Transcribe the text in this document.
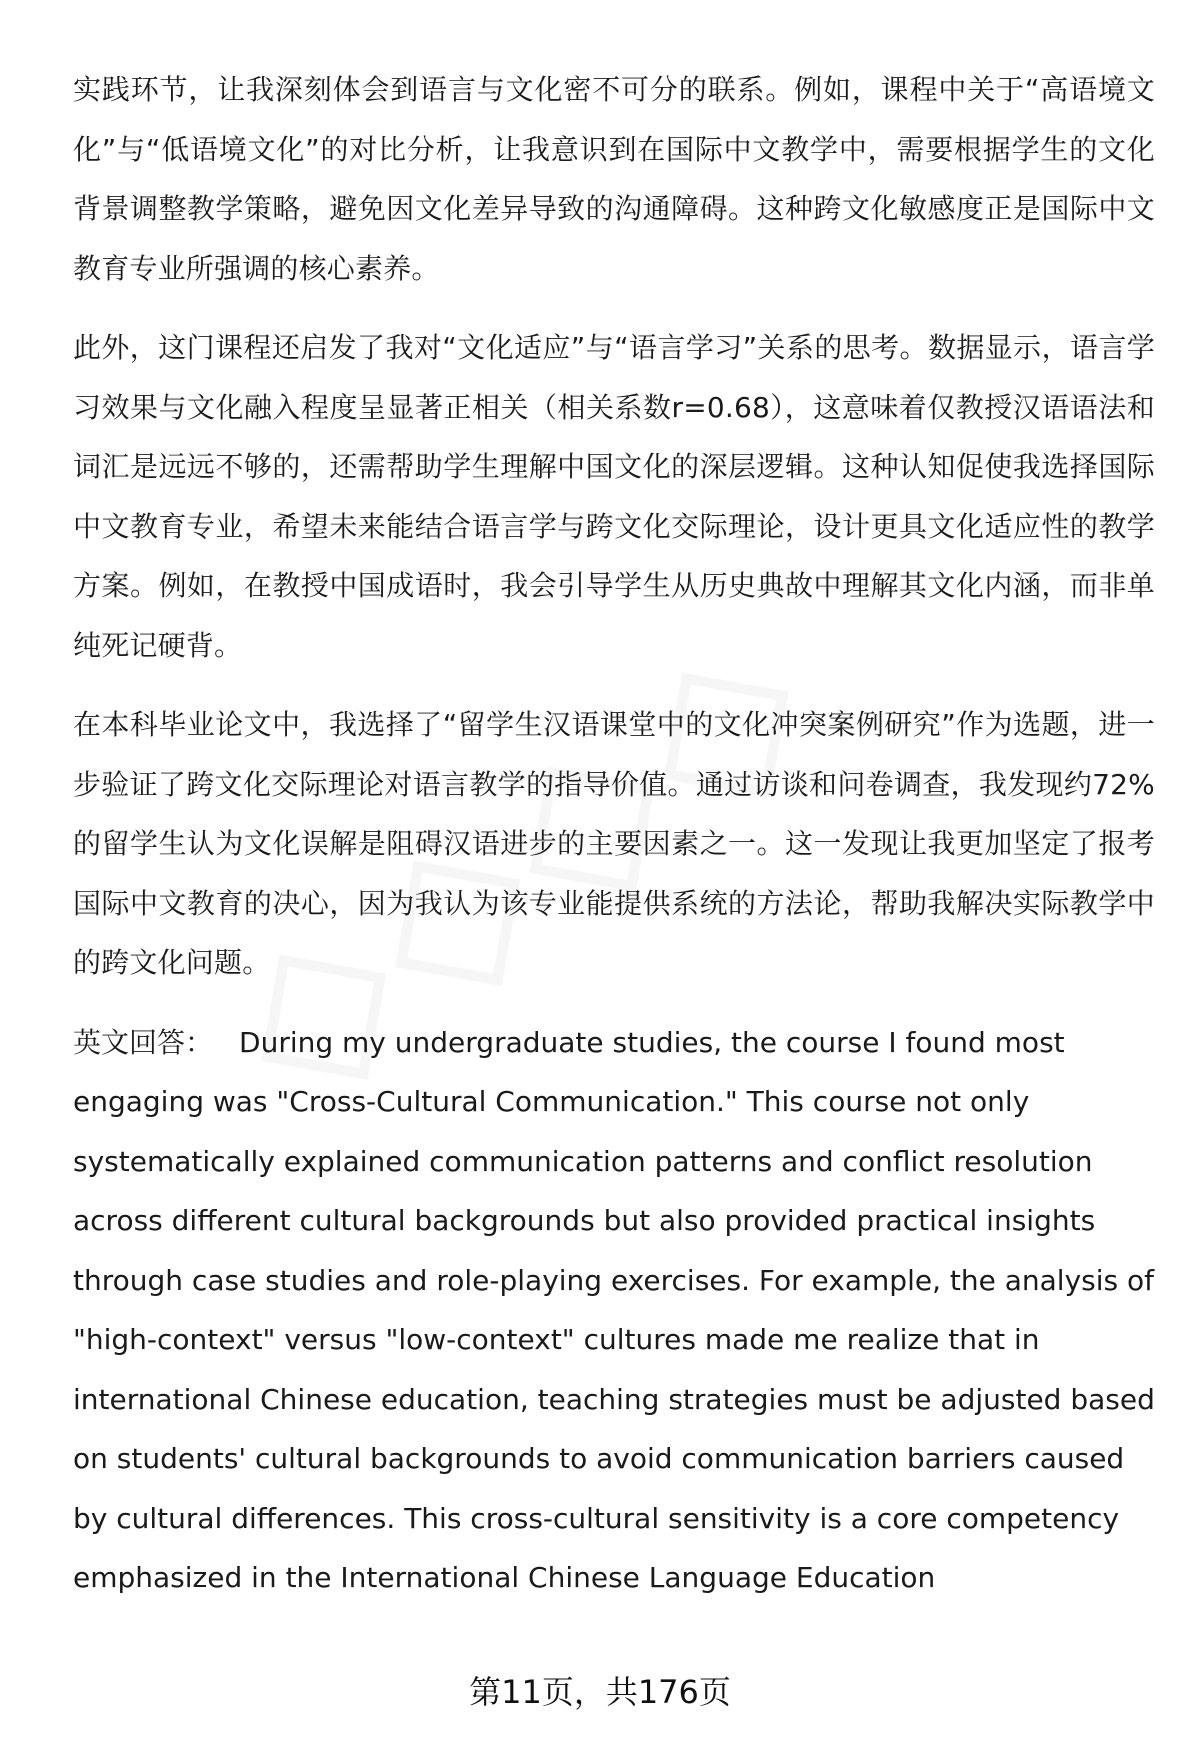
实践环节，让我深刻体会到语言与文化密不可分的联系。例如，课程中关于“高语境文化”与“低语境文化”的对比分析，让我意识到在国际中文教学中，需要根据学生的文化背景调整教学策略，避免因文化差异导致的沟通障碍。这种跨文化敏感度正是国际中文教育专业所强调的核心素养。

此外，这门课程还启发了我对“文化适应”与“语言学习”关系的思考。数据显示，语言学习效果与文化融入程度呈显著正相关（相关系数r=0.68），这意味着仅教授汉语语法和词汇是远远不够的，还需帮助学生理解中国文化的深层逻辑。这种认知促使我选择国际中文教育专业，希望未来能结合语言学与跨文化交际理论，设计更具文化适应性的教学方案。例如，在教授中国成语时，我会引导学生从历史典故中理解其文化内涵，而非单纯死记硬背。

在本科毕业论文中，我选择了“留学生汉语课堂中的文化冲突案例研究”作为选题，进一步验证了跨文化交际理论对语言教学的指导价值。通过访谈和问卷调查，我发现约72%的留学生认为文化误解是阻碍汉语进步的主要因素之一。这一发现让我更加坚定了报考国际中文教育的决心，因为我认为该专业能提供系统的方法论，帮助我解决实际教学中的跨文化问题。

英文回答： During my undergraduate studies, the course I found most engaging was "Cross-Cultural Communication." This course not only systematically explained communication patterns and conflict resolution across different cultural backgrounds but also provided practical insights through case studies and role-playing exercises. For example, the analysis of "high-context" versus "low-context" cultures made me realize that in international Chinese education, teaching strategies must be adjusted based on students' cultural backgrounds to avoid communication barriers caused by cultural differences. This cross-cultural sensitivity is a core competency emphasized in the International Chinese Language Education

第11页，共176页
